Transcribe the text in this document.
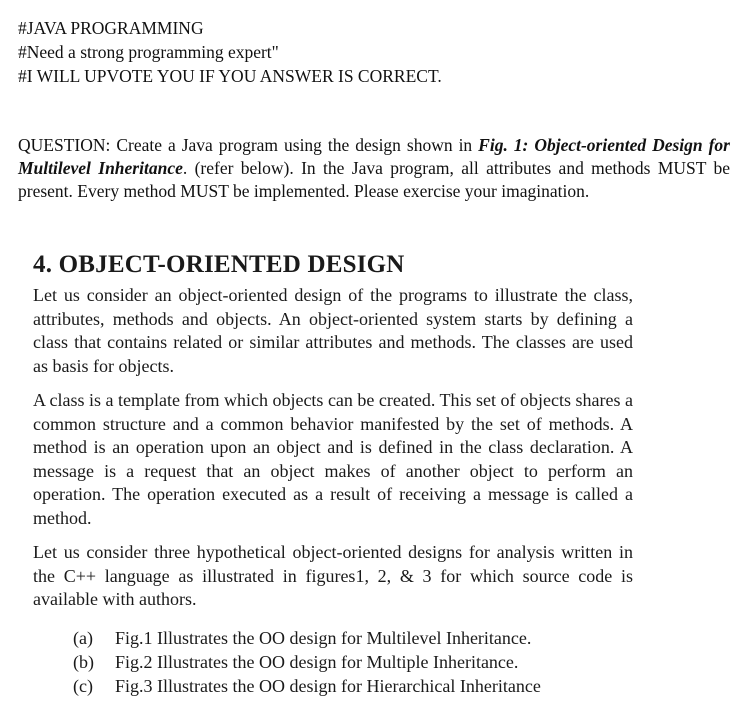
#JAVA PROGRAMMING
#Need a strong programming expert"
#I WILL UPVOTE YOU IF YOU ANSWER IS CORRECT.
QUESTION: Create a Java program using the design shown in Fig. 1: Object-oriented Design for Multilevel Inheritance. (refer below). In the Java program, all attributes and methods MUST be present. Every method MUST be implemented. Please exercise your imagination.
4. OBJECT-ORIENTED DESIGN

Let us consider an object-oriented design of the programs to illustrate the class, attributes, methods and objects. An object-oriented system starts by defining a class that contains related or similar attributes and methods. The classes are used as basis for objects.

A class is a template from which objects can be created. This set of objects shares a common structure and a common behavior manifested by the set of methods. A method is an operation upon an object and is defined in the class declaration. A message is a request that an object makes of another object to perform an operation. The operation executed as a result of receiving a message is called a method.

Let us consider three hypothetical object-oriented designs for analysis written in the C++ language as illustrated in figures1, 2, & 3 for which source code is available with authors.

(a) Fig.1 Illustrates the OO design for Multilevel Inheritance.
(b) Fig.2 Illustrates the OO design for Multiple Inheritance.
(c) Fig.3 Illustrates the OO design for Hierarchical Inheritance
